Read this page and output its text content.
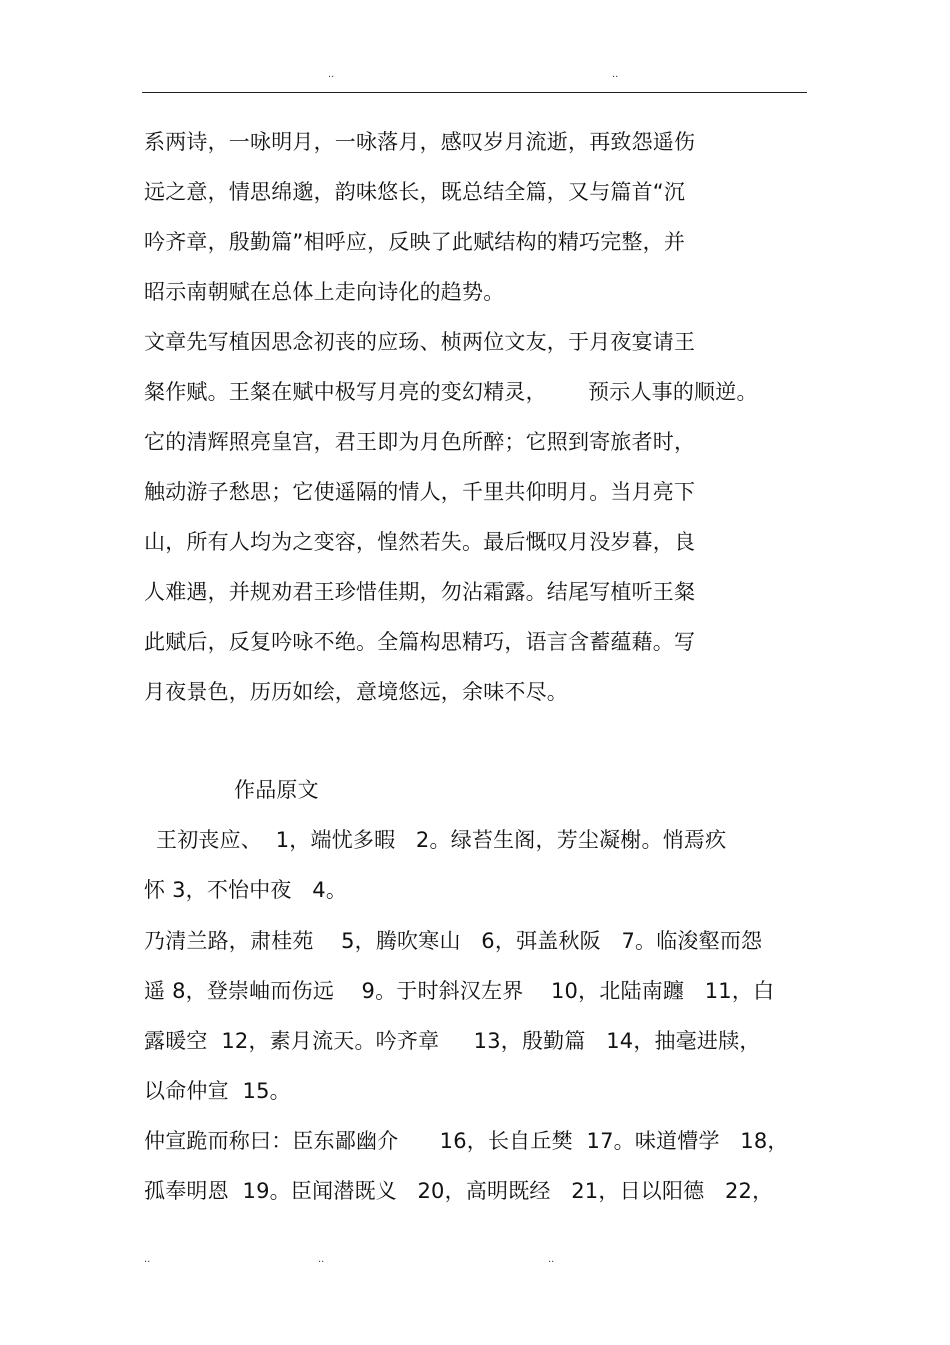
..	..
系两诗，一咏明月，一咏落月，感叹岁月流逝，再致怨遥伤
远之意，情思绵邈，韵味悠长，既总结全篇，又与篇首“沉
吟齐章，殷勤篇”相呼应，反映了此赋结构的精巧完整，并
昭示南朝赋在总体上走向诗化的趋势。
文章先写植因思念初丧的应玚、桢两位文友，于月夜宴请王
粲作赋。王粲在赋中极写月亮的变幻精灵，      预示人事的顺逆。
它的清辉照亮皇宫，君王即为月色所醉；它照到寄旅者时，
触动游子愁思；它使遥隔的情人，千里共仰明月。当月亮下
山，所有人均为之变容，惶然若失。最后慨叹月没岁暮，良
人难遇，并规劝君王珍惜佳期，勿沾霜露。结尾写植听王粲
此赋后，反复吟咏不绝。全篇构思精巧，语言含蓄蕴藉。写
月夜景色，历历如绘，意境悠远，余味不尽。
作品原文
王初丧应、  1，端忧多暇   2。绿苔生阁，芳尘凝榭。悄焉疚
怀 3，不怡中夜   4。
乃清兰路，肃桂苑    5，腾吹寒山   6，弭盖秋阪   7。临浚壑而怨
遥 8，登崇岫而伤远    9。于时斜汉左界    10，北陆南躔   11，白
露暖空  12，素月流天。吟齐章     13，殷勤篇   14，抽毫进牍，
以命仲宣  15。
仲宣跪而称曰：臣东鄙幽介      16，长自丘樊  17。味道懵学   18，
孤奉明恩  19。臣闻潜既义   20，高明既经   21，日以阳德   22，
..	..	..
